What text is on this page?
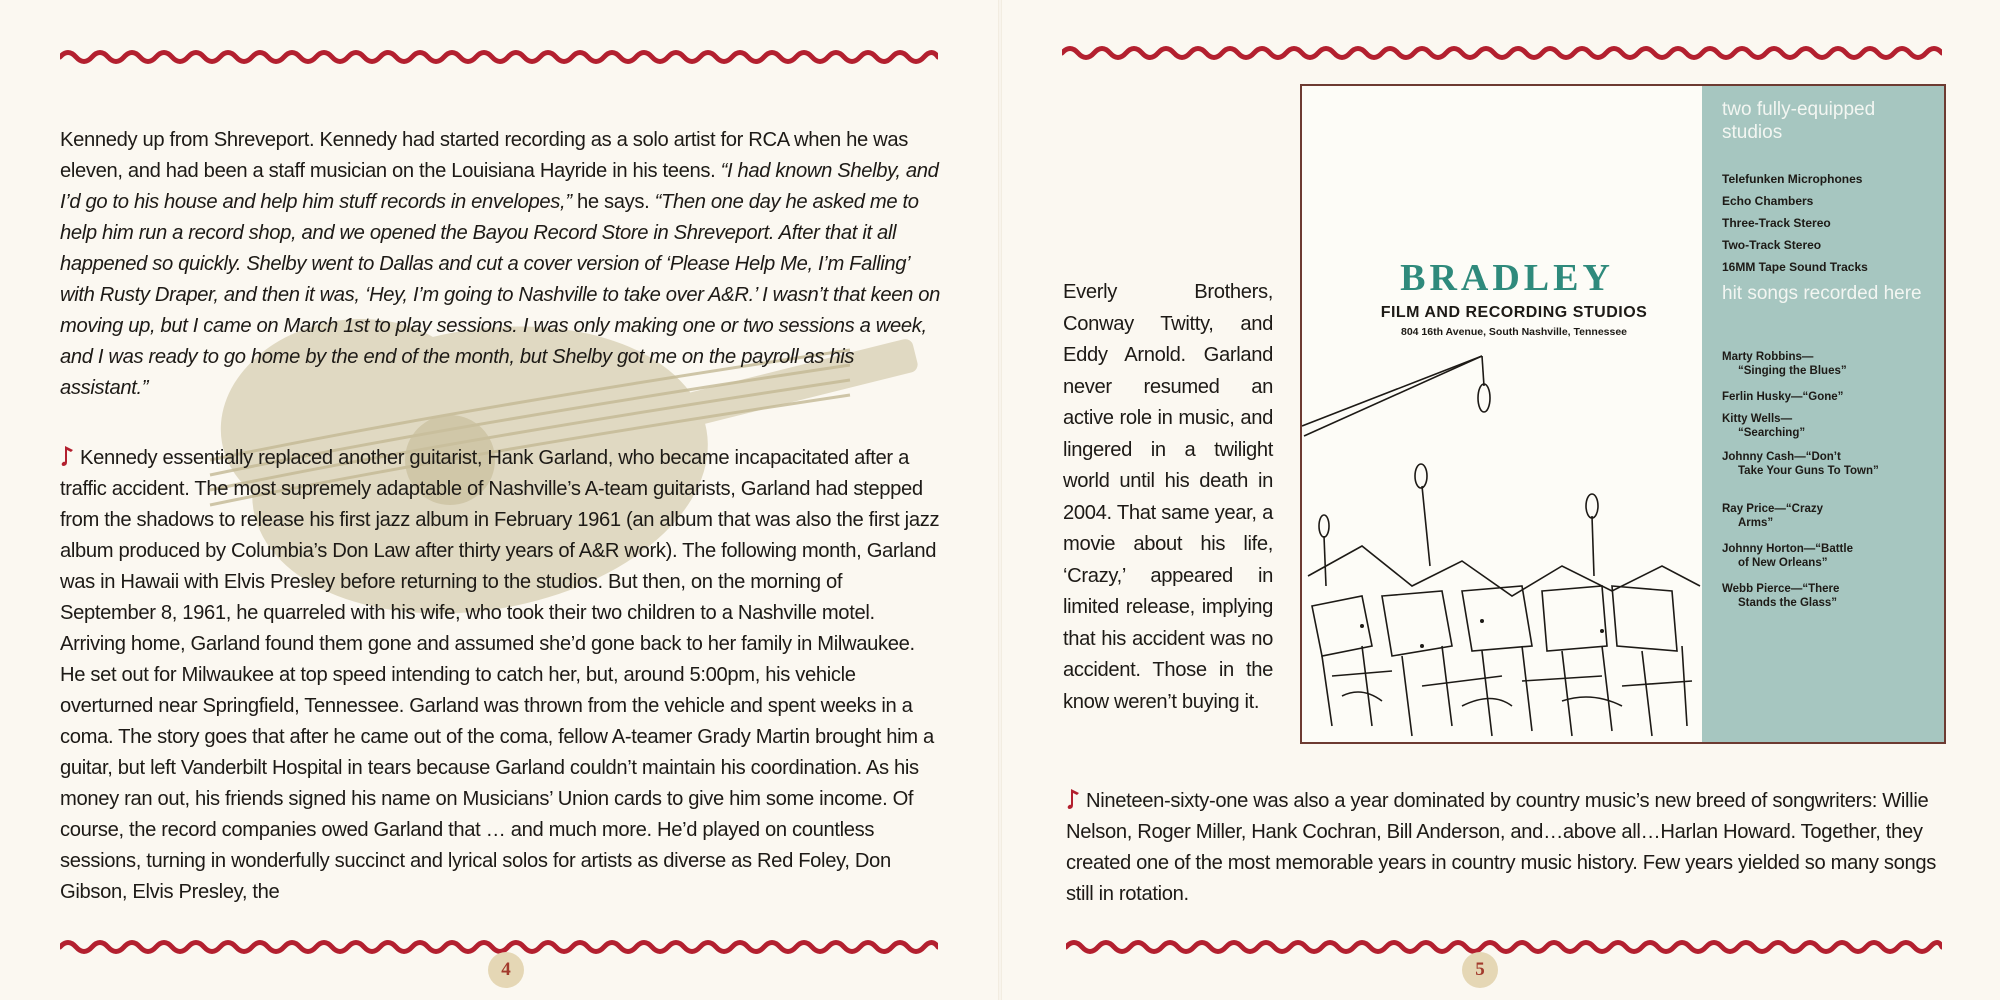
Kennedy up from Shreveport. Kennedy had started recording as a solo artist for RCA when he was eleven, and had been a staff musician on the Louisiana Hayride in his teens. “I had known Shelby, and I’d go to his house and help him stuff records in envelopes,” he says. “Then one day he asked me to help him run a record shop, and we opened the Bayou Record Store in Shreveport. After that it all happened so quickly. Shelby went to Dallas and cut a cover version of ‘Please Help Me, I’m Falling’ with Rusty Draper, and then it was, ‘Hey, I’m going to Nashville to take over A&R.’ I wasn’t that keen on moving up, but I came on March 1st to play sessions. I was only making one or two sessions a week, and I was ready to go home by the end of the month, but Shelby got me on the payroll as his assistant.”

Kennedy essentially replaced another guitarist, Hank Garland, who became incapacitated after a traffic accident. The most supremely adaptable of Nashville’s A-team guitarists, Garland had stepped from the shadows to release his first jazz album in February 1961 (an album that was also the first jazz album produced by Columbia’s Don Law after thirty years of A&R work). The following month, Garland was in Hawaii with Elvis Presley before returning to the studios. But then, on the morning of September 8, 1961, he quarreled with his wife, who took their two children to a Nashville motel. Arriving home, Garland found them gone and assumed she’d gone back to her family in Milwaukee. He set out for Milwaukee at top speed intending to catch her, but, around 5:00pm, his vehicle overturned near Springfield, Tennessee. Garland was thrown from the vehicle and spent weeks in a coma. The story goes that after he came out of the coma, fellow A-teamer Grady Martin brought him a guitar, but left Vanderbilt Hospital in tears because Garland couldn’t maintain his coordination. As his money ran out, his friends signed his name on Musicians’ Union cards to give him some income. Of course, the record companies owed Garland that … and much more. He’d played on countless sessions, turning in wonderfully succinct and lyrical solos for artists as diverse as Red Foley, Don Gibson, Elvis Presley, the

4

Everly Brothers, Conway Twitty, and Eddy Arnold. Garland never resumed an active role in music, and lingered in a twilight world until his death in 2004. That same year, a movie about his life, ‘Crazy,’ appeared in limited release, implying that his accident was no accident. Those in the know weren’t buying it.

BRADLEY
FILM AND RECORDING STUDIOS
804 16th Avenue, South Nashville, Tennessee
two fully-equipped studios
Telefunken Microphones
Echo Chambers
Three-Track Stereo
Two-Track Stereo
16MM Tape Sound Tracks
hit songs recorded here
Marty Robbins—
“Singing the Blues”
Ferlin Husky—“Gone”
Kitty Wells—
“Searching”
Johnny Cash—“Don’t
Take Your Guns To Town”
Ray Price—“Crazy
Arms”
Johnny Horton—“Battle
of New Orleans”
Webb Pierce—“There
Stands the Glass”

Nineteen-sixty-one was also a year dominated by country music’s new breed of songwriters: Willie Nelson, Roger Miller, Hank Cochran, Bill Anderson, and…above all…Harlan Howard. Together, they created one of the most memorable years in country music history. Few years yielded so many songs still in rotation.

5
